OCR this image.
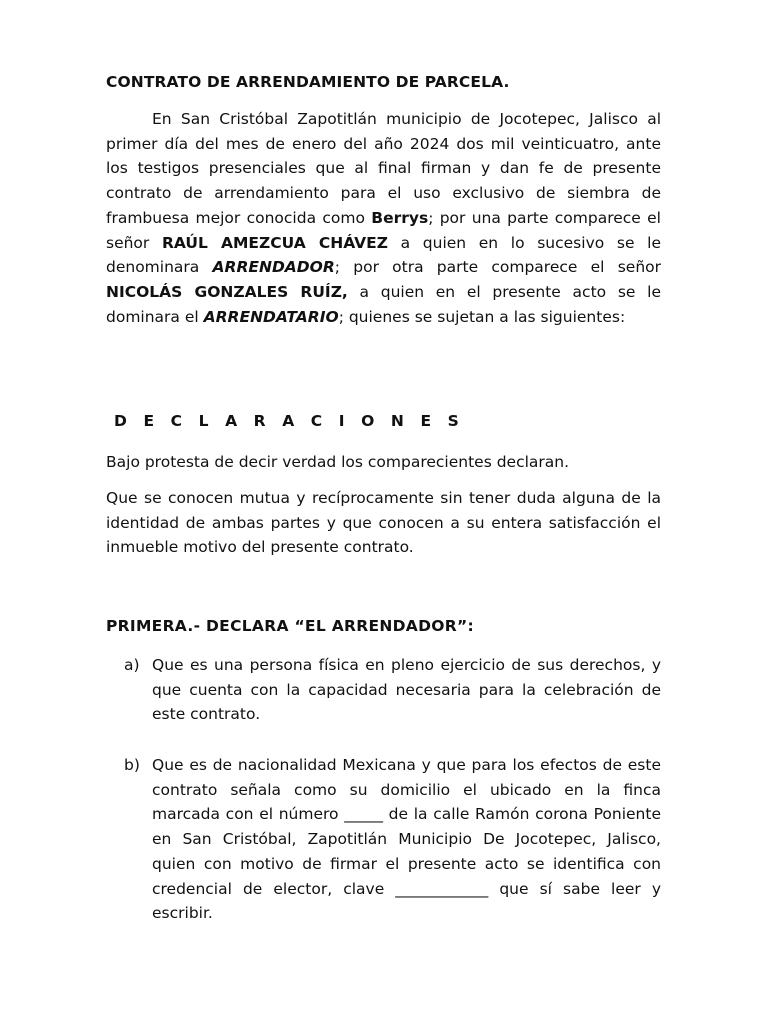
CONTRATO DE ARRENDAMIENTO DE PARCELA.

En San Cristóbal Zapotitlán municipio de Jocotepec, Jalisco al primer día del mes de enero del año 2024 dos mil veinticuatro, ante los testigos presenciales que al final firman y dan fe de presente contrato de arrendamiento para el uso exclusivo de siembra de frambuesa mejor conocida como Berrys; por una parte comparece el señor RAÚL AMEZCUA CHÁVEZ a quien en lo sucesivo se le denominara ARRENDADOR; por otra parte comparece el señor NICOLÁS GONZALES RUÍZ, a quien en el presente acto se le dominara el ARRENDATARIO; quienes se sujetan a las siguientes:

D E C L A R A C I O N E S

Bajo protesta de decir verdad los comparecientes declaran.

Que se conocen mutua y recíprocamente sin tener duda alguna de la identidad de ambas partes y que conocen a su entera satisfacción el inmueble motivo del presente contrato.

PRIMERA.- DECLARA “EL ARRENDADOR”:
a) Que es una persona física en pleno ejercicio de sus derechos, y que cuenta con la capacidad necesaria para la celebración de este contrato.

b) Que es de nacionalidad Mexicana y que para los efectos de este contrato señala como su domicilio el ubicado en la finca marcada con el número _____ de la calle Ramón corona Poniente en San Cristóbal, Zapotitlán Municipio De Jocotepec, Jalisco, quien con motivo de firmar el presente acto se identifica con credencial de elector, clave ____________ que sí sabe leer y escribir.
